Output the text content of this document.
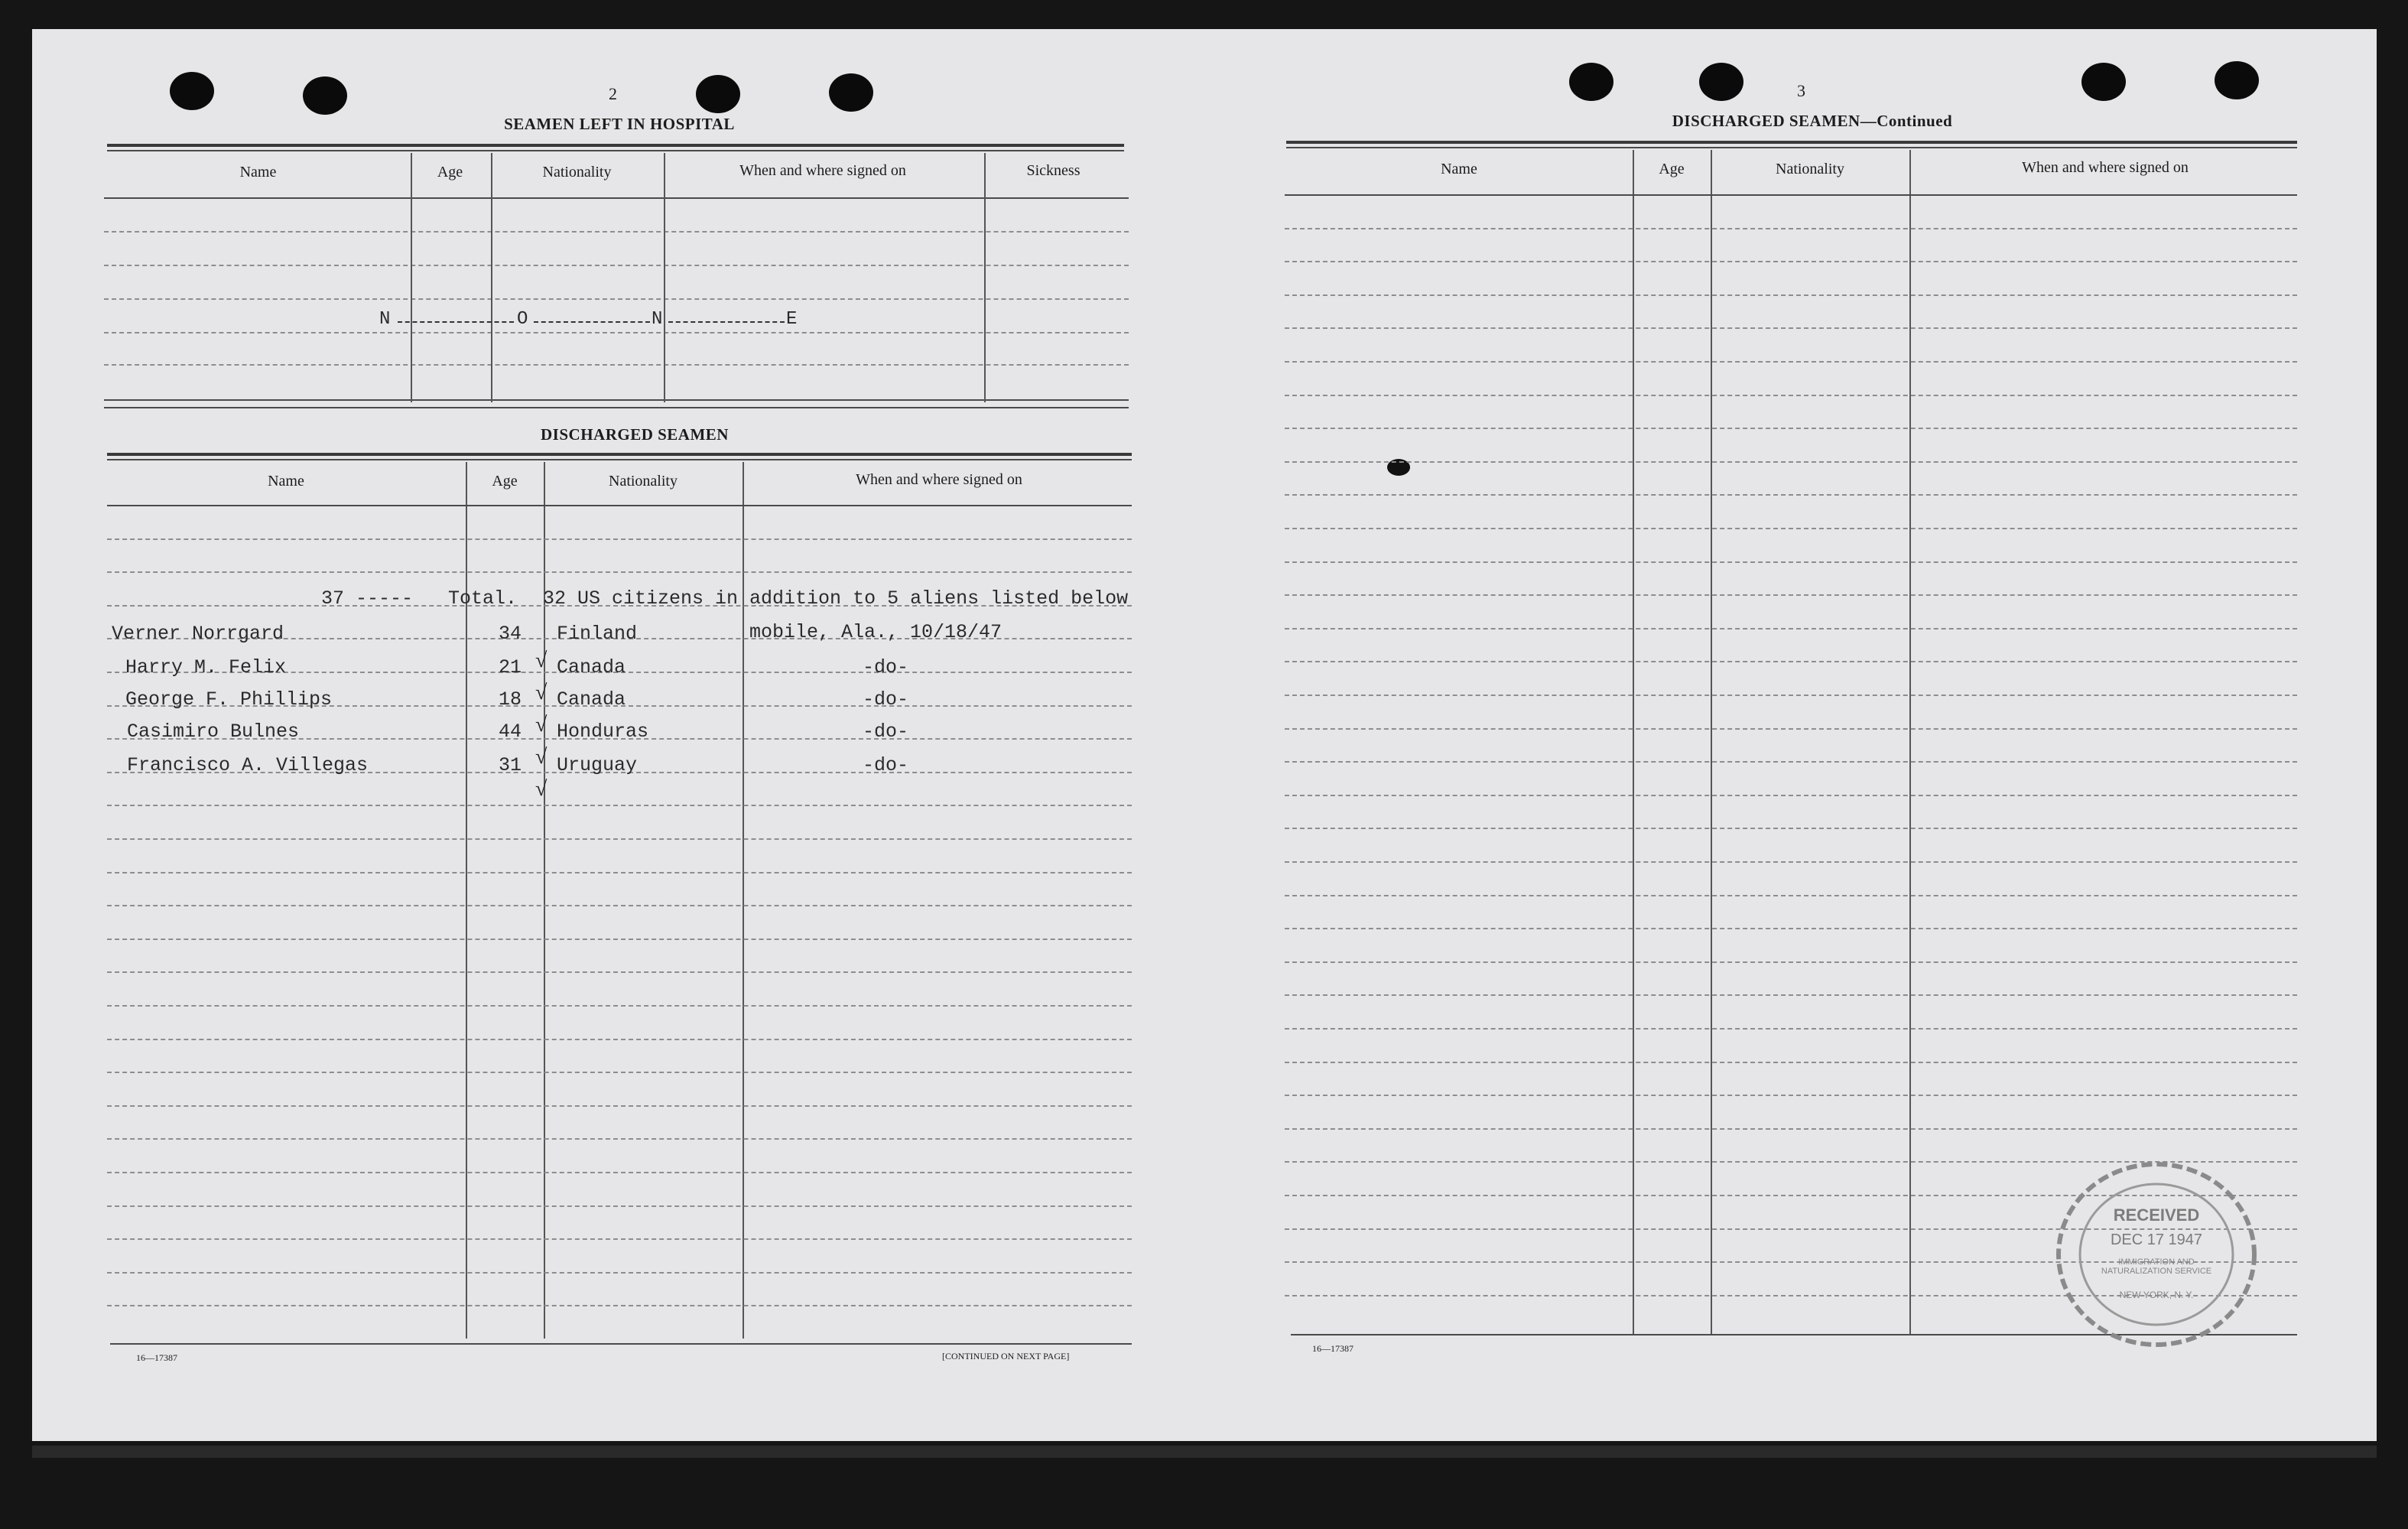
2
SEAMEN LEFT IN HOSPITAL
Name	Age	Nationality	When and where signed on	Sickness
N	O	N	E
DISCHARGED SEAMEN
Name	Age	Nationality	When and where signed on
37 ----- Total. 32 US citizens in addition to 5 aliens listed below
Verner Norrgard	34 Finland	mobile, Ala., 10/18/47
Harry M. Felix	21 Canada	-do-
George F. Phillips	18 Canada	-do-
Casimiro Bulnes	44 Honduras	-do-
Francisco A. Villegas	31 Uruguay	-do-
√
√
√
√
√
16—17387	[CONTINUED ON NEXT PAGE]
3
DISCHARGED SEAMEN—Continued
Name	Age	Nationality	When and where signed on
16—17387
RECEIVED
DEC 17 1947
IMMIGRATION AND NATURALIZATION SERVICE
NEW YORK, N. Y.
